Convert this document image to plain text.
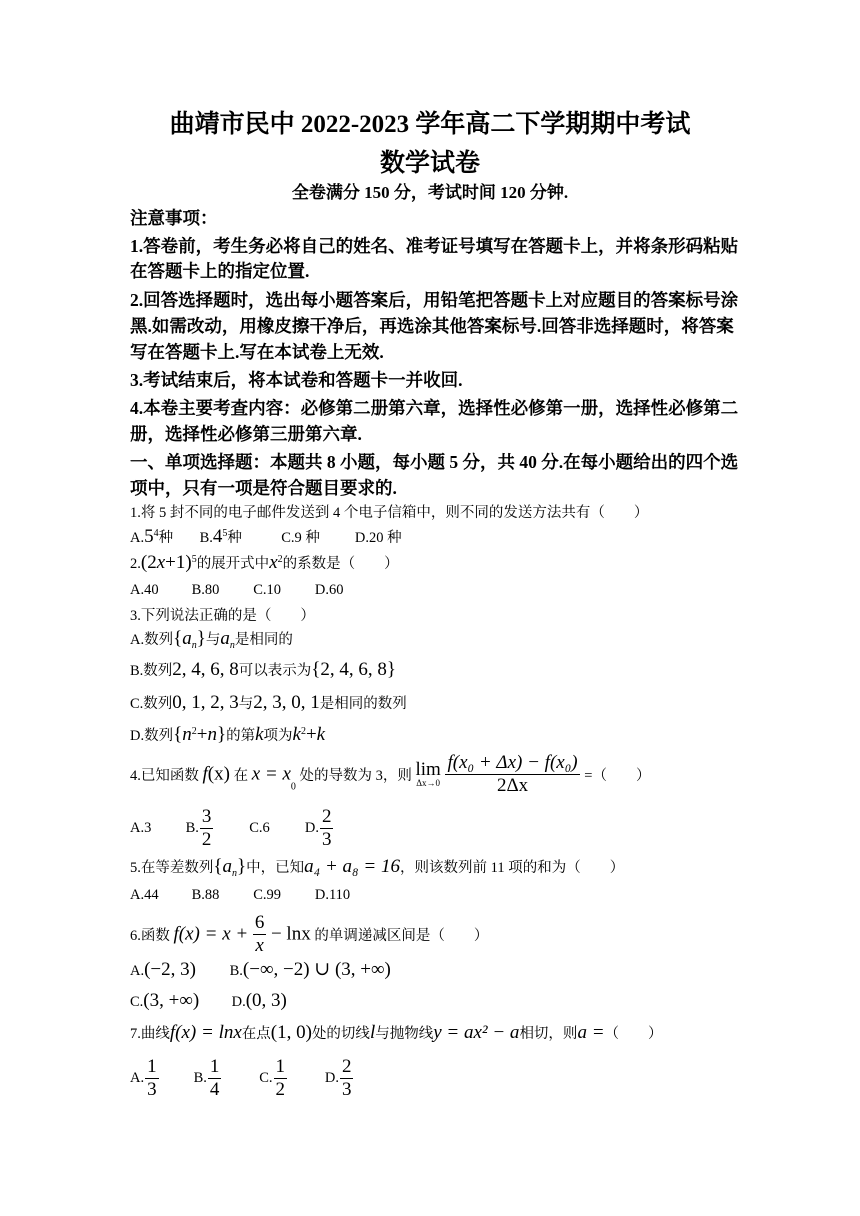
曲靖市民中 2022-2023 学年高二下学期期中考试
数学试卷
全卷满分 150 分，考试时间 120 分钟.
注意事项：
1.答卷前，考生务必将自己的姓名、准考证号填写在答题卡上，并将条形码粘贴
在答题卡上的指定位置.
2.回答选择题时，选出每小题答案后，用铅笔把答题卡上对应题目的答案标号涂
黑.如需改动，用橡皮擦干净后，再选涂其他答案标号.回答非选择题时，将答案
写在答题卡上.写在本试卷上无效.
3.考试结束后，将本试卷和答题卡一并收回.
4.本卷主要考查内容：必修第二册第六章，选择性必修第一册，选择性必修第二
册，选择性必修第三册第六章.
一、单项选择题：本题共 8 小题，每小题 5 分，共 40 分.在每小题给出的四个选
项中，只有一项是符合题目要求的.
1.将 5 封不同的电子邮件发送到 4 个电子信箱中，则不同的发送方法共有（　　）
$A.5^4$种 $B.4^5$种	C.9 种 D.20 种
$2.(2x+1)^5$的展开式中$x^2$的系数是（　　）
A.40 B.80 C.10 D.60
3.下列说法正确的是（　　）
A.数列$\{a_n\}$与$a_n$是相同的
B.数列2, 4, 6, 8可以表示为{2, 4, 6, 8}
C.数列0, 1, 2, 3与2, 3, 0, 1是相同的数列
D.数列$\{n^2+n\}$的第k项为$k^2+k$
4.已知函数 f(x) 在 $x = x_0$ 处的导数为 3，则 lim
Δx→0
$\frac{\text{f(x₀ + Δx) − f(x₀)}}{2\Delta x}$ =（　　）
A.3 B. $\frac{3}{2} C.6$ D. $\frac{2}{3}$
5.在等差数列$\{a_n\}$中，已知a₄ + a₈ = 16，则该数列前 11 项的和为（　　）
A.44 B.88 C.99 D.110
6.函数 $f(x) = x + \frac{6}{x} - \ln x$ 的单调递减区间是（　　）
A.(−2, 3) B.(−∞, −2) ∪ (3, +∞)
C.(3, +∞) D.(0, 3)
7.曲线f(x) = lnx在点(1, 0)处的切线l与抛物线y = ax² − a相切，则a =（　　）
A. $\frac{1}{3} B$. $\frac{1}{4}$	C. $\frac{1}{2}$	D. $\frac{2}{3}$
